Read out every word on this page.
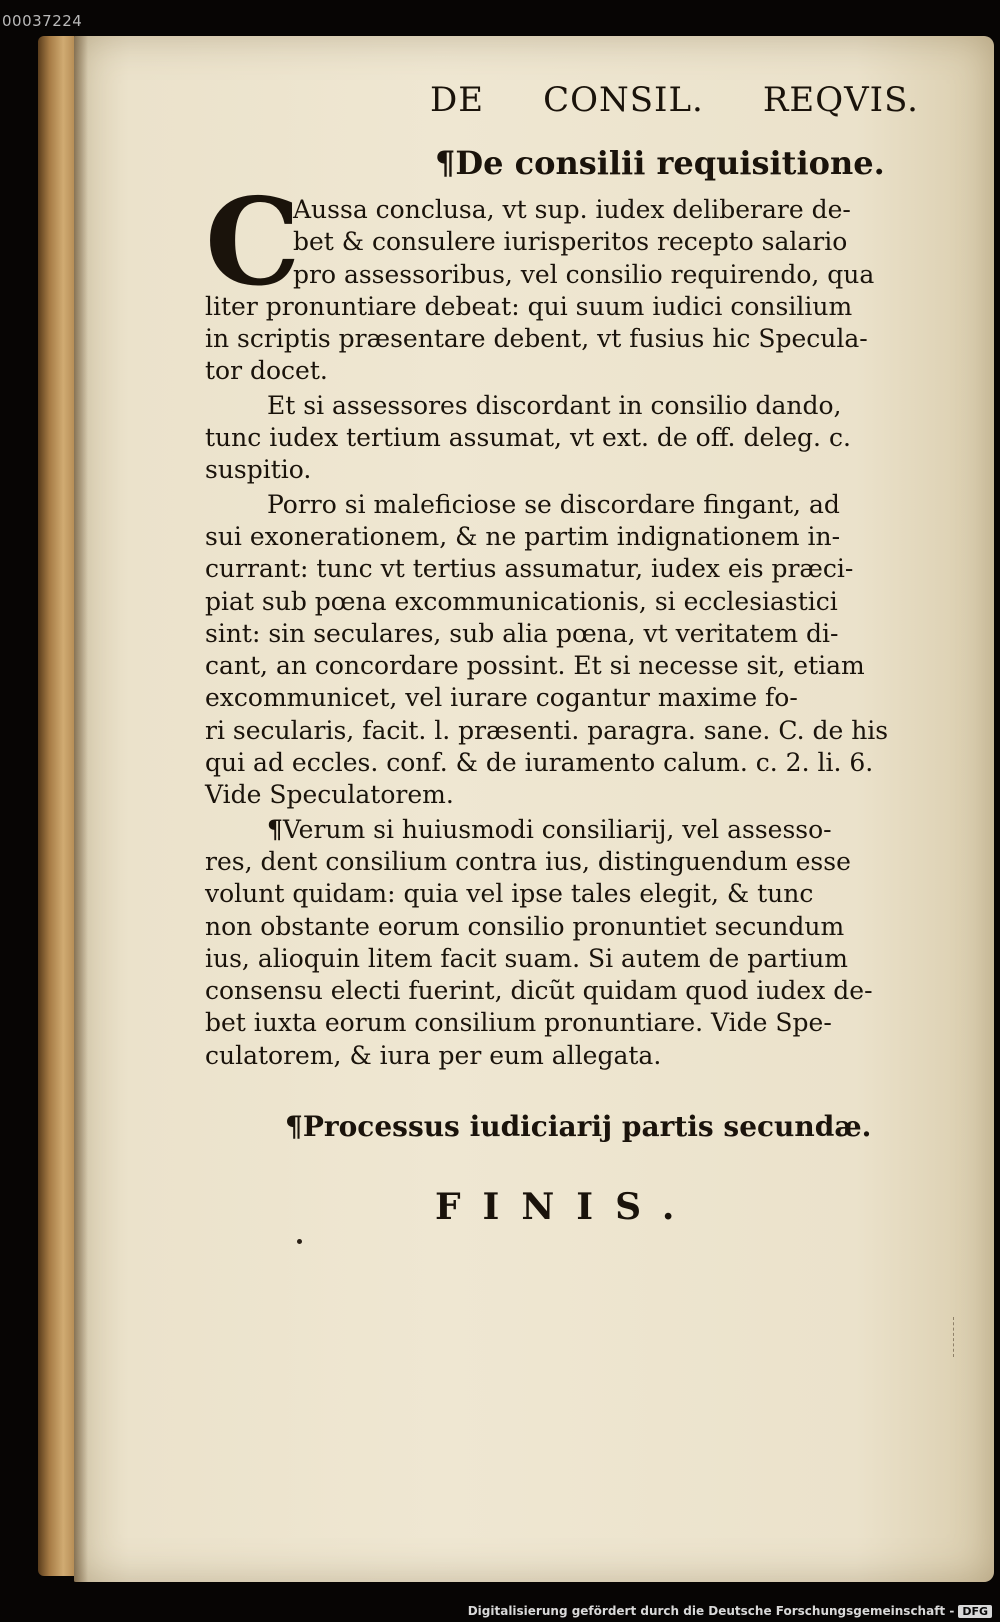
00037224
DE CONSIL. REQVIS.
¶De consilii requisitione.
C

Aussa conclusa, vt sup. iudex deliberare de-
bet & consulere iurisperitos recepto salario
pro assessoribus, vel consilio requirendo, qua

liter pronuntiare debeat: qui suum iudici consilium
in scriptis præsentare debent, vt fusius hic Specula-
tor docet.

Et si assessores discordant in consilio dando,
tunc iudex tertium assumat, vt ext. de off. deleg. c.
suspitio.

Porro si maleficiose se discordare fingant, ad
sui exonerationem, & ne partim indignationem in-
currant: tunc vt tertius assumatur, iudex eis præci-
piat sub pœna excommunicationis, si ecclesiastici
sint: sin seculares, sub alia pœna, vt veritatem di-
cant, an concordare possint. Et si necesse sit, etiam
excommunicet, vel iurare cogantur maxime fo-
ri secularis, facit. l. præsenti. paragra. sane. C. de his
qui ad eccles. conf. & de iuramento calum. c. 2. li. 6.
Vide Speculatorem.

¶Verum si huiusmodi consiliarij, vel assesso-
res, dent consilium contra ius, distinguendum esse
volunt quidam: quia vel ipse tales elegit, & tunc
non obstante eorum consilio pronuntiet secundum
ius, alioquin litem facit suam. Si autem de partium
consensu electi fuerint, dicũt quidam quod iudex de-
bet iuxta eorum consilium pronuntiare. Vide Spe-
culatorem, & iura per eum allegata.

¶Processus iudiciarij partis secundæ.
FINIS.
Digitalisierung gefördert durch die Deutsche Forschungsgemeinschaft - DFG
